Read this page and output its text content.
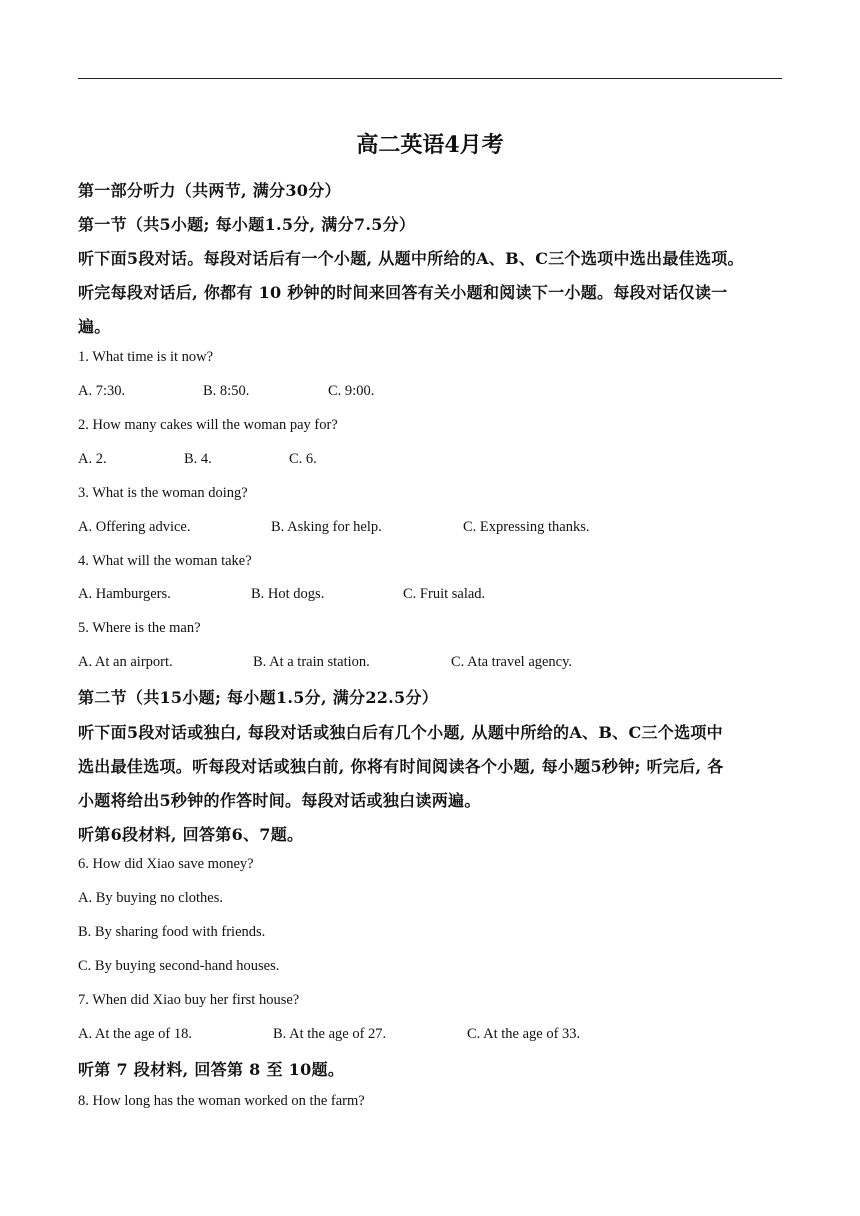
高二英语4月考
第一部分听力（共两节, 满分30分）
第一节（共5小题; 每小题1.5分, 满分7.5分）
听下面5段对话。每段对话后有一个小题, 从题中所给的A、B、C三个选项中选出最佳选项。
听完每段对话后, 你都有 10 秒钟的时间来回答有关小题和阅读下一小题。每段对话仅读一
遍。
1. What time is it now?
A. 7:30.	B. 8:50.	C. 9:00.
2. How many cakes will the woman pay for?
A. 2.	B. 4.	C. 6.
3. What is the woman doing?
A. Offering advice.	B. Asking for help.	C. Expressing thanks.
4. What will the woman take?
A. Hamburgers.	B. Hot dogs.	C. Fruit salad.
5. Where is the man?
A. At an airport.	B. At a train station.	C. Ata travel agency.
第二节（共15小题; 每小题1.5分, 满分22.5分）
听下面5段对话或独白, 每段对话或独白后有几个小题, 从题中所给的A、B、C三个选项中
选出最佳选项。听每段对话或独白前, 你将有时间阅读各个小题, 每小题5秒钟; 听完后, 各
小题将给出5秒钟的作答时间。每段对话或独白读两遍。
听第6段材料, 回答第6、7题。
6. How did Xiao save money?
A. By buying no clothes.
B. By sharing food with friends.
C. By buying second-hand houses.
7. When did Xiao buy her first house?
A. At the age of 18.	B. At the age of 27.	C. At the age of 33.
听第 7 段材料, 回答第 8 至 10题。
8. How long has the woman worked on the farm?
